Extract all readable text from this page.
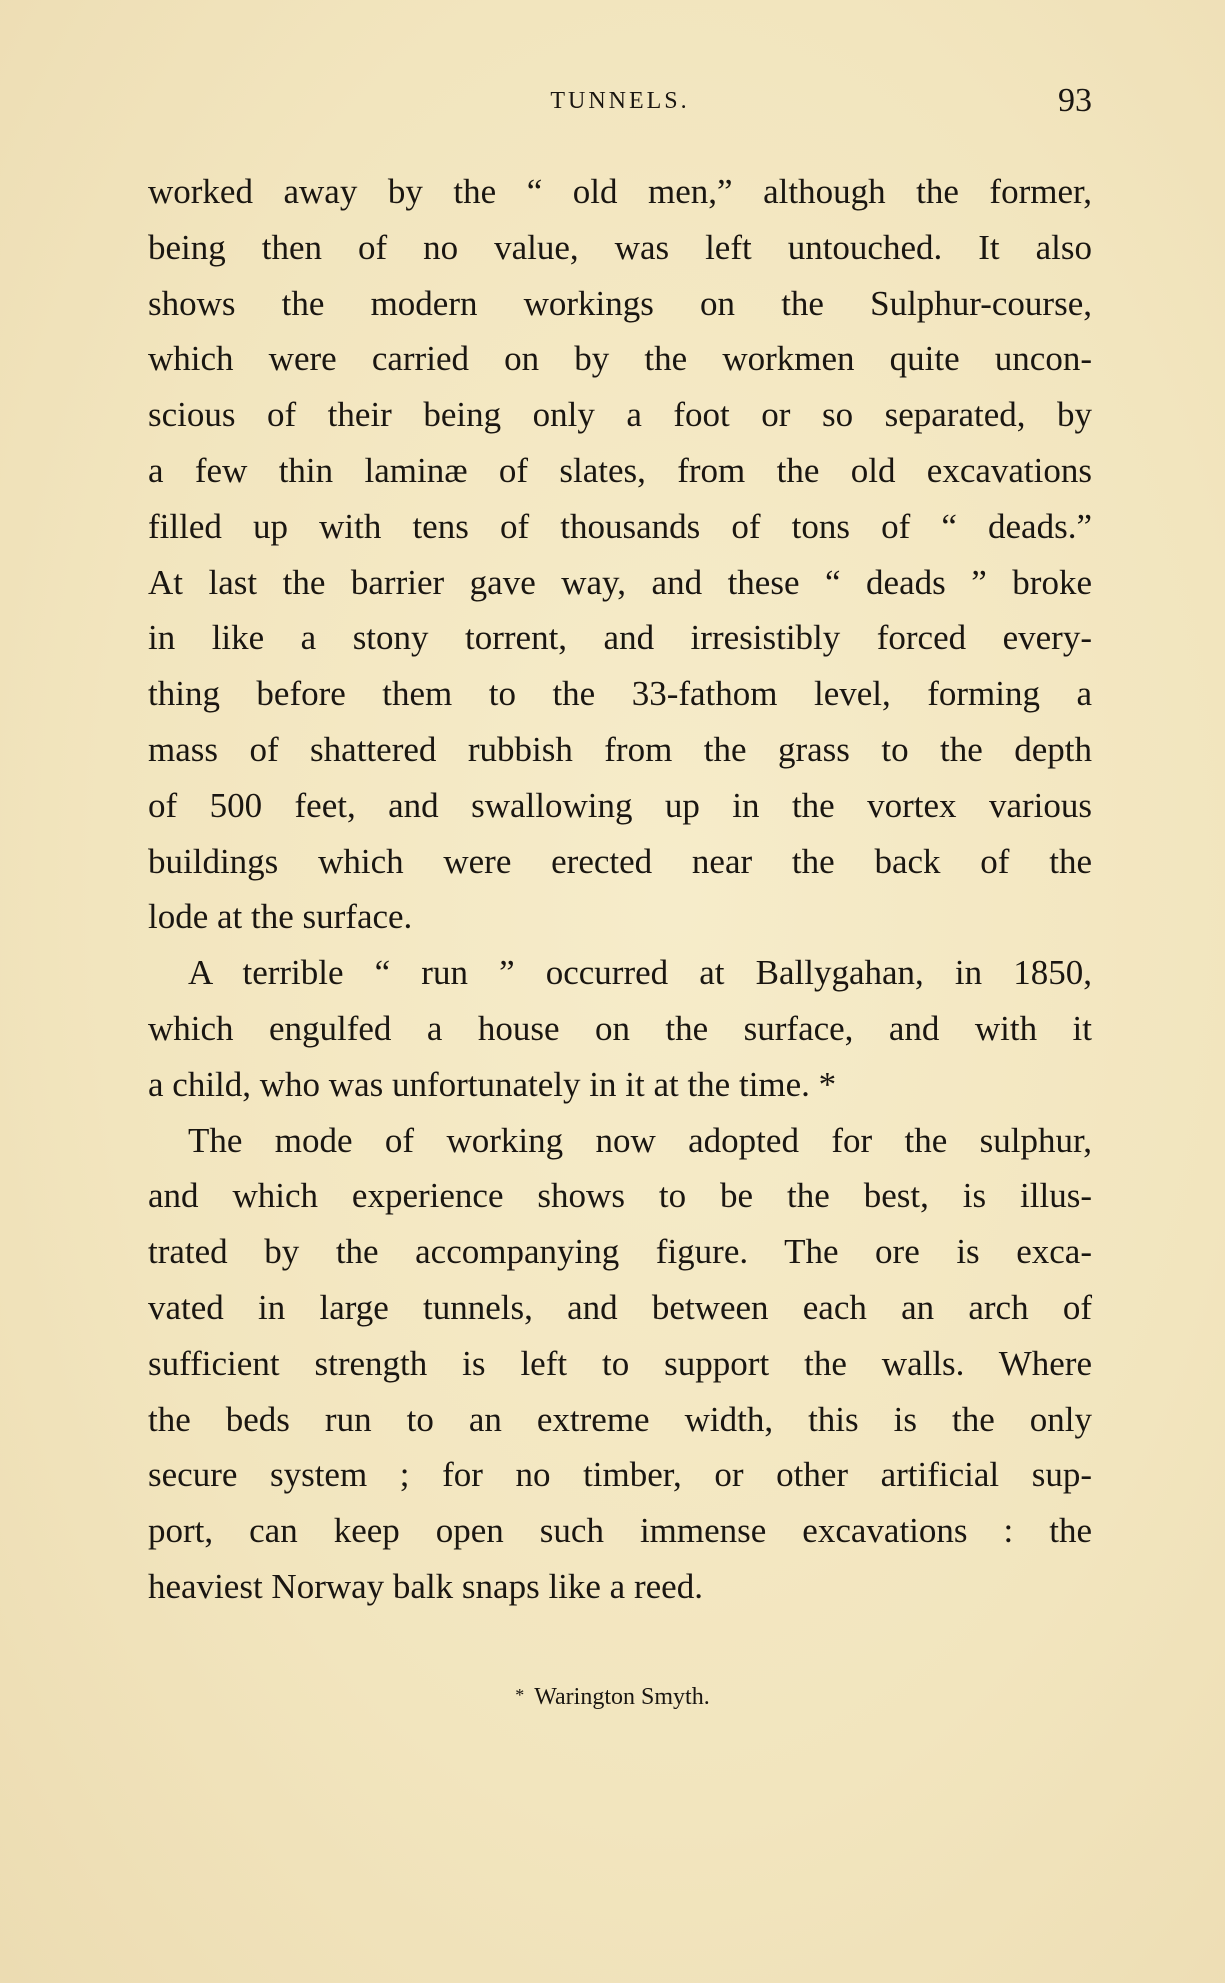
TUNNELS.	93
worked away by the “ old men,” although the former,
being then of no value, was left untouched. It also
shows the modern workings on the Sulphur-course,
which were carried on by the workmen quite uncon-
scious of their being only a foot or so separated, by
a few thin laminæ of slates, from the old excavations
filled up with tens of thousands of tons of “ deads.”
At last the barrier gave way, and these “ deads ” broke
in like a stony torrent, and irresistibly forced every-
thing before them to the 33-fathom level, forming a
mass of shattered rubbish from the grass to the depth
of 500 feet, and swallowing up in the vortex various
buildings which were erected near the back of the
lode at the surface.
A terrible “ run ” occurred at Ballygahan, in 1850,
which engulfed a house on the surface, and with it
a child, who was unfortunately in it at the time. *
The mode of working now adopted for the sulphur,
and which experience shows to be the best, is illus-
trated by the accompanying figure. The ore is exca-
vated in large tunnels, and between each an arch of
sufficient strength is left to support the walls. Where
the beds run to an extreme width, this is the only
secure system ; for no timber, or other artificial sup-
port, can keep open such immense excavations : the
heaviest Norway balk snaps like a reed.
* Warington Smyth.
